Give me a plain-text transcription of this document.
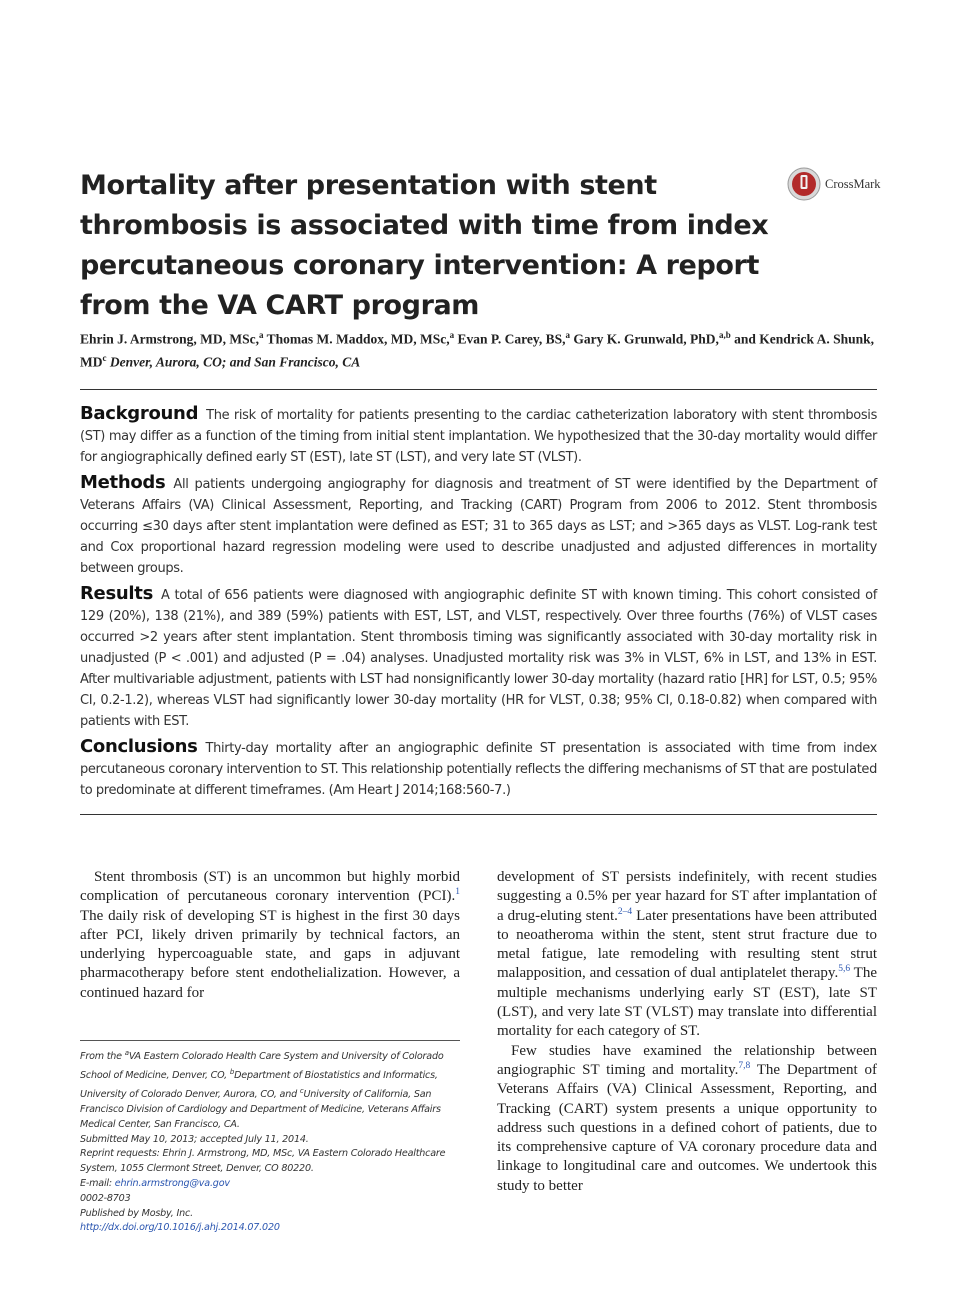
Mortality after presentation with stent thrombosis is associated with time from index percutaneous coronary intervention: A report from the VA CART program
CrossMark

Ehrin J. Armstrong, MD, MSc,$^a$ Thomas M. Maddox, MD, MSc,$^a$ Evan P. Carey, BS,$^a$ Gary K. Grunwald, PhD,$^{a,b}$ and Kendrick A. Shunk, $MD^c$ Denver, Aurora, CO; and San Francisco, CA

Background The risk of mortality for patients presenting to the cardiac catheterization laboratory with stent thrombosis (ST) may differ as a function of the timing from initial stent implantation. We hypothesized that the 30-day mortality would differ for angiographically defined early ST (EST), late ST (LST), and very late ST (VLST).

Methods All patients undergoing angiography for diagnosis and treatment of ST were identified by the Department of Veterans Affairs (VA) Clinical Assessment, Reporting, and Tracking (CART) Program from 2006 to 2012. Stent thrombosis occurring ≤30 days after stent implantation were defined as EST; 31 to 365 days as LST; and >365 days as VLST. Log-rank test and Cox proportional hazard regression modeling were used to describe unadjusted and adjusted differences in mortality between groups.

Results A total of 656 patients were diagnosed with angiographic definite ST with known timing. This cohort consisted of 129 (20%), 138 (21%), and 389 (59%) patients with EST, LST, and VLST, respectively. Over three fourths (76%) of VLST cases occurred >2 years after stent implantation. Stent thrombosis timing was significantly associated with 30-day mortality risk in unadjusted (P < .001) and adjusted (P = .04) analyses. Unadjusted mortality risk was 3% in VLST, 6% in LST, and 13% in EST. After multivariable adjustment, patients with LST had nonsignificantly lower 30-day mortality (hazard ratio [HR] for LST, 0.5; 95% CI, 0.2-1.2), whereas VLST had significantly lower 30-day mortality (HR for VLST, 0.38; 95% CI, 0.18-0.82) when compared with patients with EST.

Conclusions Thirty-day mortality after an angiographic definite ST presentation is associated with time from index percutaneous coronary intervention to ST. This relationship potentially reflects the differing mechanisms of ST that are postulated to predominate at different timeframes. (Am Heart J 2014;168:560-7.)

Stent thrombosis (ST) is an uncommon but highly morbid complication of percutaneous coronary intervention (PCI).$^1$ The daily risk of developing ST is highest in the first 30 days after PCI, likely driven primarily by technical factors, an underlying hypercoaguable state, and gaps in adjuvant pharmacotherapy before stent endothelialization. However, a continued hazard for

From the $^a$VA Eastern Colorado Health Care System and University of Colorado School of Medicine, Denver, CO, $^b$Department of Biostatistics and Informatics, University of Colorado Denver, Aurora, CO, and $^c$University of California, San Francisco Division of Cardiology and Department of Medicine, Veterans Affairs Medical Center, San Francisco, CA.
Submitted May 10, 2013; accepted July 11, 2014.
Reprint requests: Ehrin J. Armstrong, MD, MSc, VA Eastern Colorado Healthcare System, 1055 Clermont Street, Denver, CO 80220.
E-mail: ehrin.armstrong@va.gov
0002-8703
Published by Mosby, Inc.
http://dx.doi.org/10.1016/j.ahj.2014.07.020

development of ST persists indefinitely, with recent studies suggesting a 0.5% per year hazard for ST after implantation of a drug-eluting stent.$^{2-4}$ Later presentations have been attributed to neoatheroma within the stent, stent strut fracture due to metal fatigue, late remodeling with resulting stent strut malapposition, and cessation of dual antiplatelet therapy.$^{5,6}$ The multiple mechanisms underlying early ST (EST), late ST (LST), and very late ST (VLST) may translate into differential mortality for each category of ST.

Few studies have examined the relationship between angiographic ST timing and mortality.$^{7,8}$ The Department of Veterans Affairs (VA) Clinical Assessment, Reporting, and Tracking (CART) system presents a unique opportunity to address such questions in a defined cohort of patients, due to its comprehensive capture of VA coronary procedure data and linkage to longitudinal care and outcomes. We undertook this study to better
